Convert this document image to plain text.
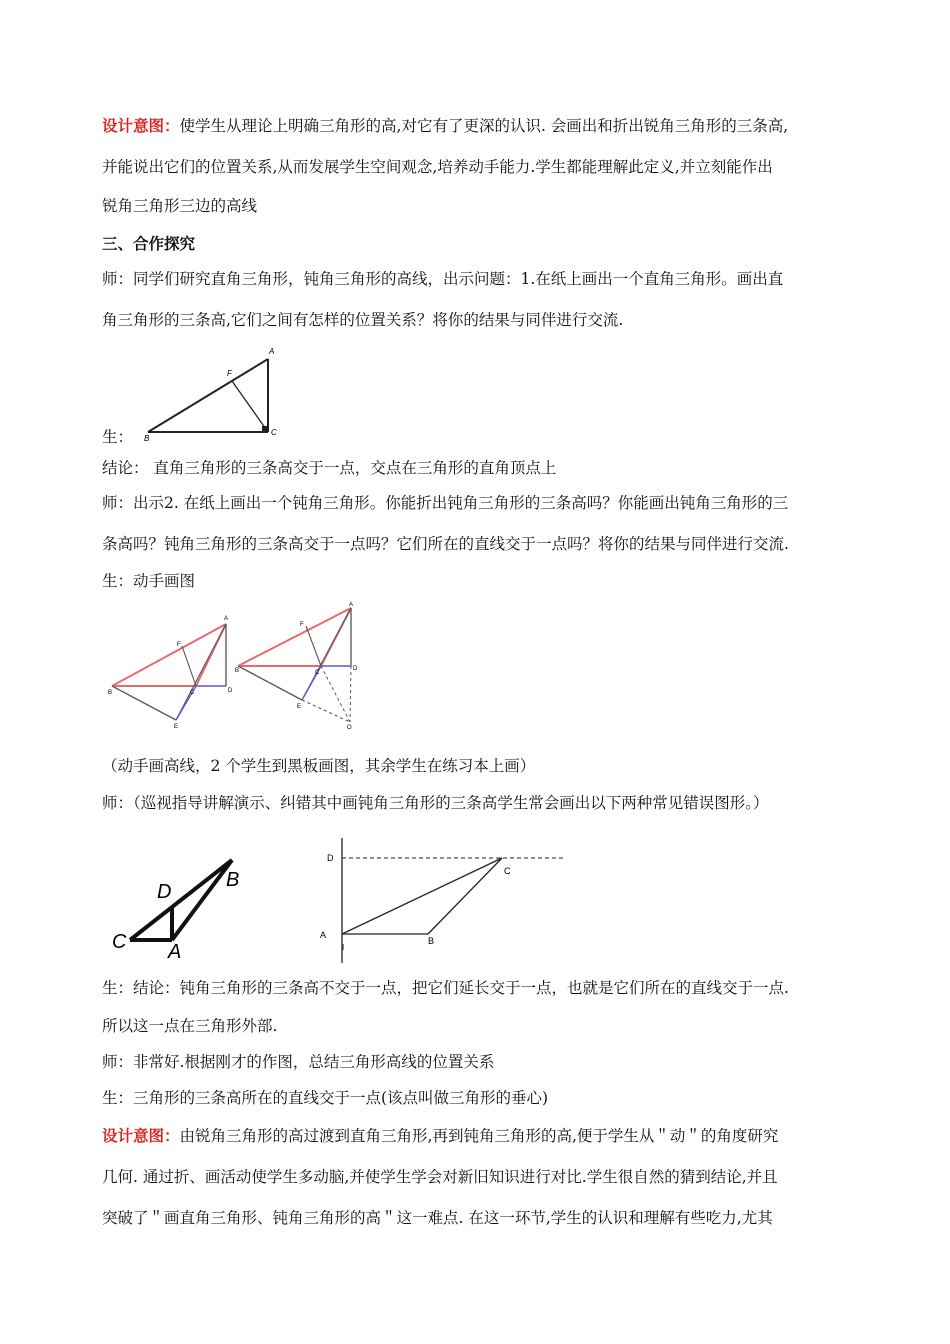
设计意图：使学生从理论上明确三角形的高,对它有了更深的认识. 会画出和折出锐角三角形的三条高,
并能说出它们的位置关系,从而发展学生空间观念,培养动手能力.学生都能理解此定义,并立刻能作出
锐角三角形三边的高线
三、合作探究
师：同学们研究直角三角形，钝角三角形的高线，出示问题：1.在纸上画出一个直角三角形。画出直
角三角形的三条高,它们之间有怎样的位置关系？将你的结果与同伴进行交流.
A
B
C
F
生：
结论： 直角三角形的三条高交于一点，交点在三角形的直角顶点上
师：出示2. 在纸上画出一个钝角三角形。你能折出钝角三角形的三条高吗？你能画出钝角三角形的三
条高吗？钝角三角形的三条高交于一点吗？它们所在的直线交于一点吗？将你的结果与同伴进行交流.
生：动手画图
A
B	C	D
E
F
A
B	C
D
E
F
O
（动手画高线，2 个学生到黑板画图，其余学生在练习本上画）
师：（巡视指导讲解演示、纠错其中画钝角三角形的三条高学生常会画出以下两种常见错误图形。）
B
D
C A
D
C
A
B
I
生：结论：钝角三角形的三条高不交于一点，把它们延长交于一点，也就是它们所在的直线交于一点.
所以这一点在三角形外部.
师：非常好.根据刚才的作图，总结三角形高线的位置关系
生：三角形的三条高所在的直线交于一点(该点叫做三角形的垂心)
设计意图：由锐角三角形的高过渡到直角三角形,再到钝角三角形的高,便于学生从＂动＂的角度研究
几何. 通过折、画活动使学生多动脑,并使学生学会对新旧知识进行对比.学生很自然的猜到结论,并且
突破了＂画直角三角形、钝角三角形的高＂这一难点. 在这一环节,学生的认识和理解有些吃力,尤其
